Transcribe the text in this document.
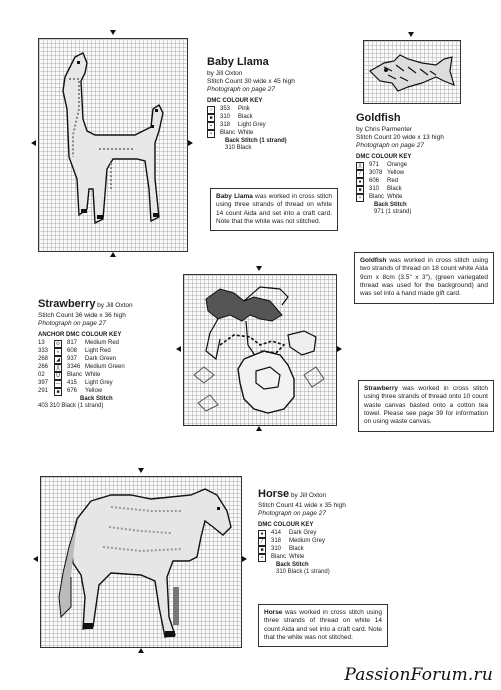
Baby Llama
by Jill Oxton
Stitch Count 30 wide x 45 high
Photograph on page 27
DMC COLOUR KEY
○	353	Pink
■	310	Black
▪	318	Light Grey
•	Blanc White
Back Stitch (1 strand)
310 Black
Baby Llama was worked in cross stitch using three strands of thread on white 14 count Aida and set into a craft card. Note that the white was not stitched.
Goldfish
by Chris Parmenter
Stitch Count 20 wide x 13 high
Photograph on page 27
DMC COLOUR KEY
╳	971	Orange
⁄	3078 Yellow
●	606	Red
■	310	Black
•	Blanc White
Back Stitch
971 (1 strand)
Goldfish was worked in cross stitch using two strands of thread on 18 count white Aida 9cm x 8cm (3.5" x 3"), (green variegated thread was used for the background) and was set into a hand made gift card.
Strawberry by Jill Oxton
Stitch Count 36 wide x 36 high
Photograph on page 27
ANCHOR DMC COLOUR KEY
13	⊙	817	Medium Red
333	∘	608	Light Red
268	◢	937	Dark Green
266	╳	3346 Medium Green
02	U	Blanc White
397	— 415	Light Grey
291	■	676	Yellow
Back Stitch
403 310 Black (1 strand)
Strawberry was worked in cross stitch using three strands of thread onto 10 count waste canvas basted onto a cotton tea towel. Please see page 39 for information on using waste canvas.
Horse by Jill Oxton
Stitch Count 41 wide x 35 high
Photograph on page 27
DMC COLOUR KEY
●	414	Dark Grey
⁄	318	Medium Grey
■	310	Black
•	Blanc White
Back Stitch
310 Black (1 strand)
Horse was worked in cross stitch using three strands of thread on white 14 count Aida and set into a craft card. Note that the white was not stitched.
PassionForum.ru
